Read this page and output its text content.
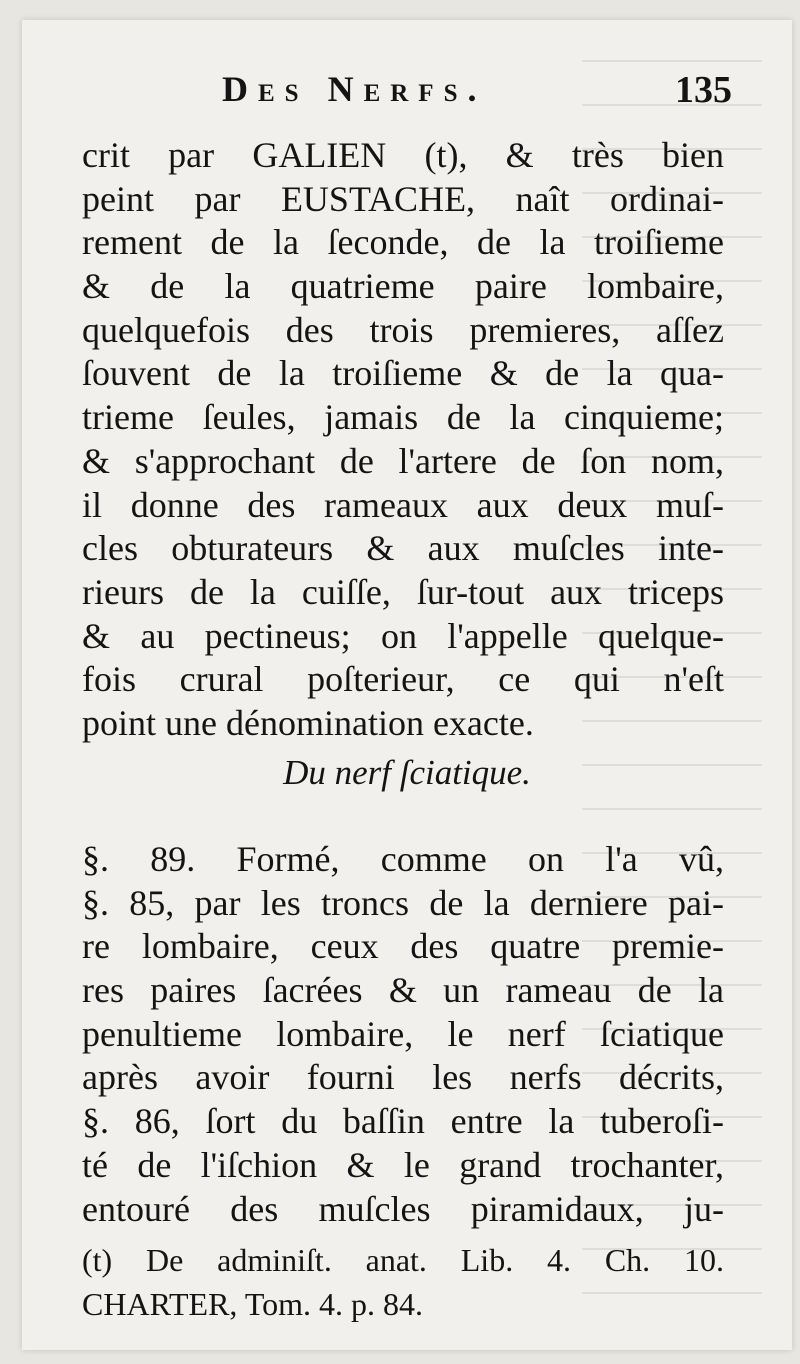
Des Nerfs.	135
crit par GALIEN (t), & très bien
peint par EUSTACHE, naît ordinai-
rement de la ſeconde, de la troiſieme
& de la quatrieme paire lombaire,
quelquefois des trois premieres, aſſez
ſouvent de la troiſieme & de la qua-
trieme ſeules, jamais de la cinquieme;
& s'approchant de l'artere de ſon nom,
il donne des rameaux aux deux muſ-
cles obturateurs & aux muſcles inte-
rieurs de la cuiſſe, ſur-tout aux triceps
& au pectineus; on l'appelle quelque-
fois crural poſterieur, ce qui n'eſt
point une dénomination exacte.
Du nerf ſciatique.
§. 89. Formé, comme on l'a vû,
§. 85, par les troncs de la derniere pai-
re lombaire, ceux des quatre premie-
res paires ſacrées & un rameau de la
penultieme lombaire, le nerf ſciatique
après avoir fourni les nerfs décrits,
§. 86, ſort du baſſin entre la tuberoſi-
té de l'iſchion & le grand trochanter,
entouré des muſcles piramidaux, ju-
(t) De adminiſt. anat. Lib. 4. Ch. 10.
CHARTER, Tom. 4. p. 84.
